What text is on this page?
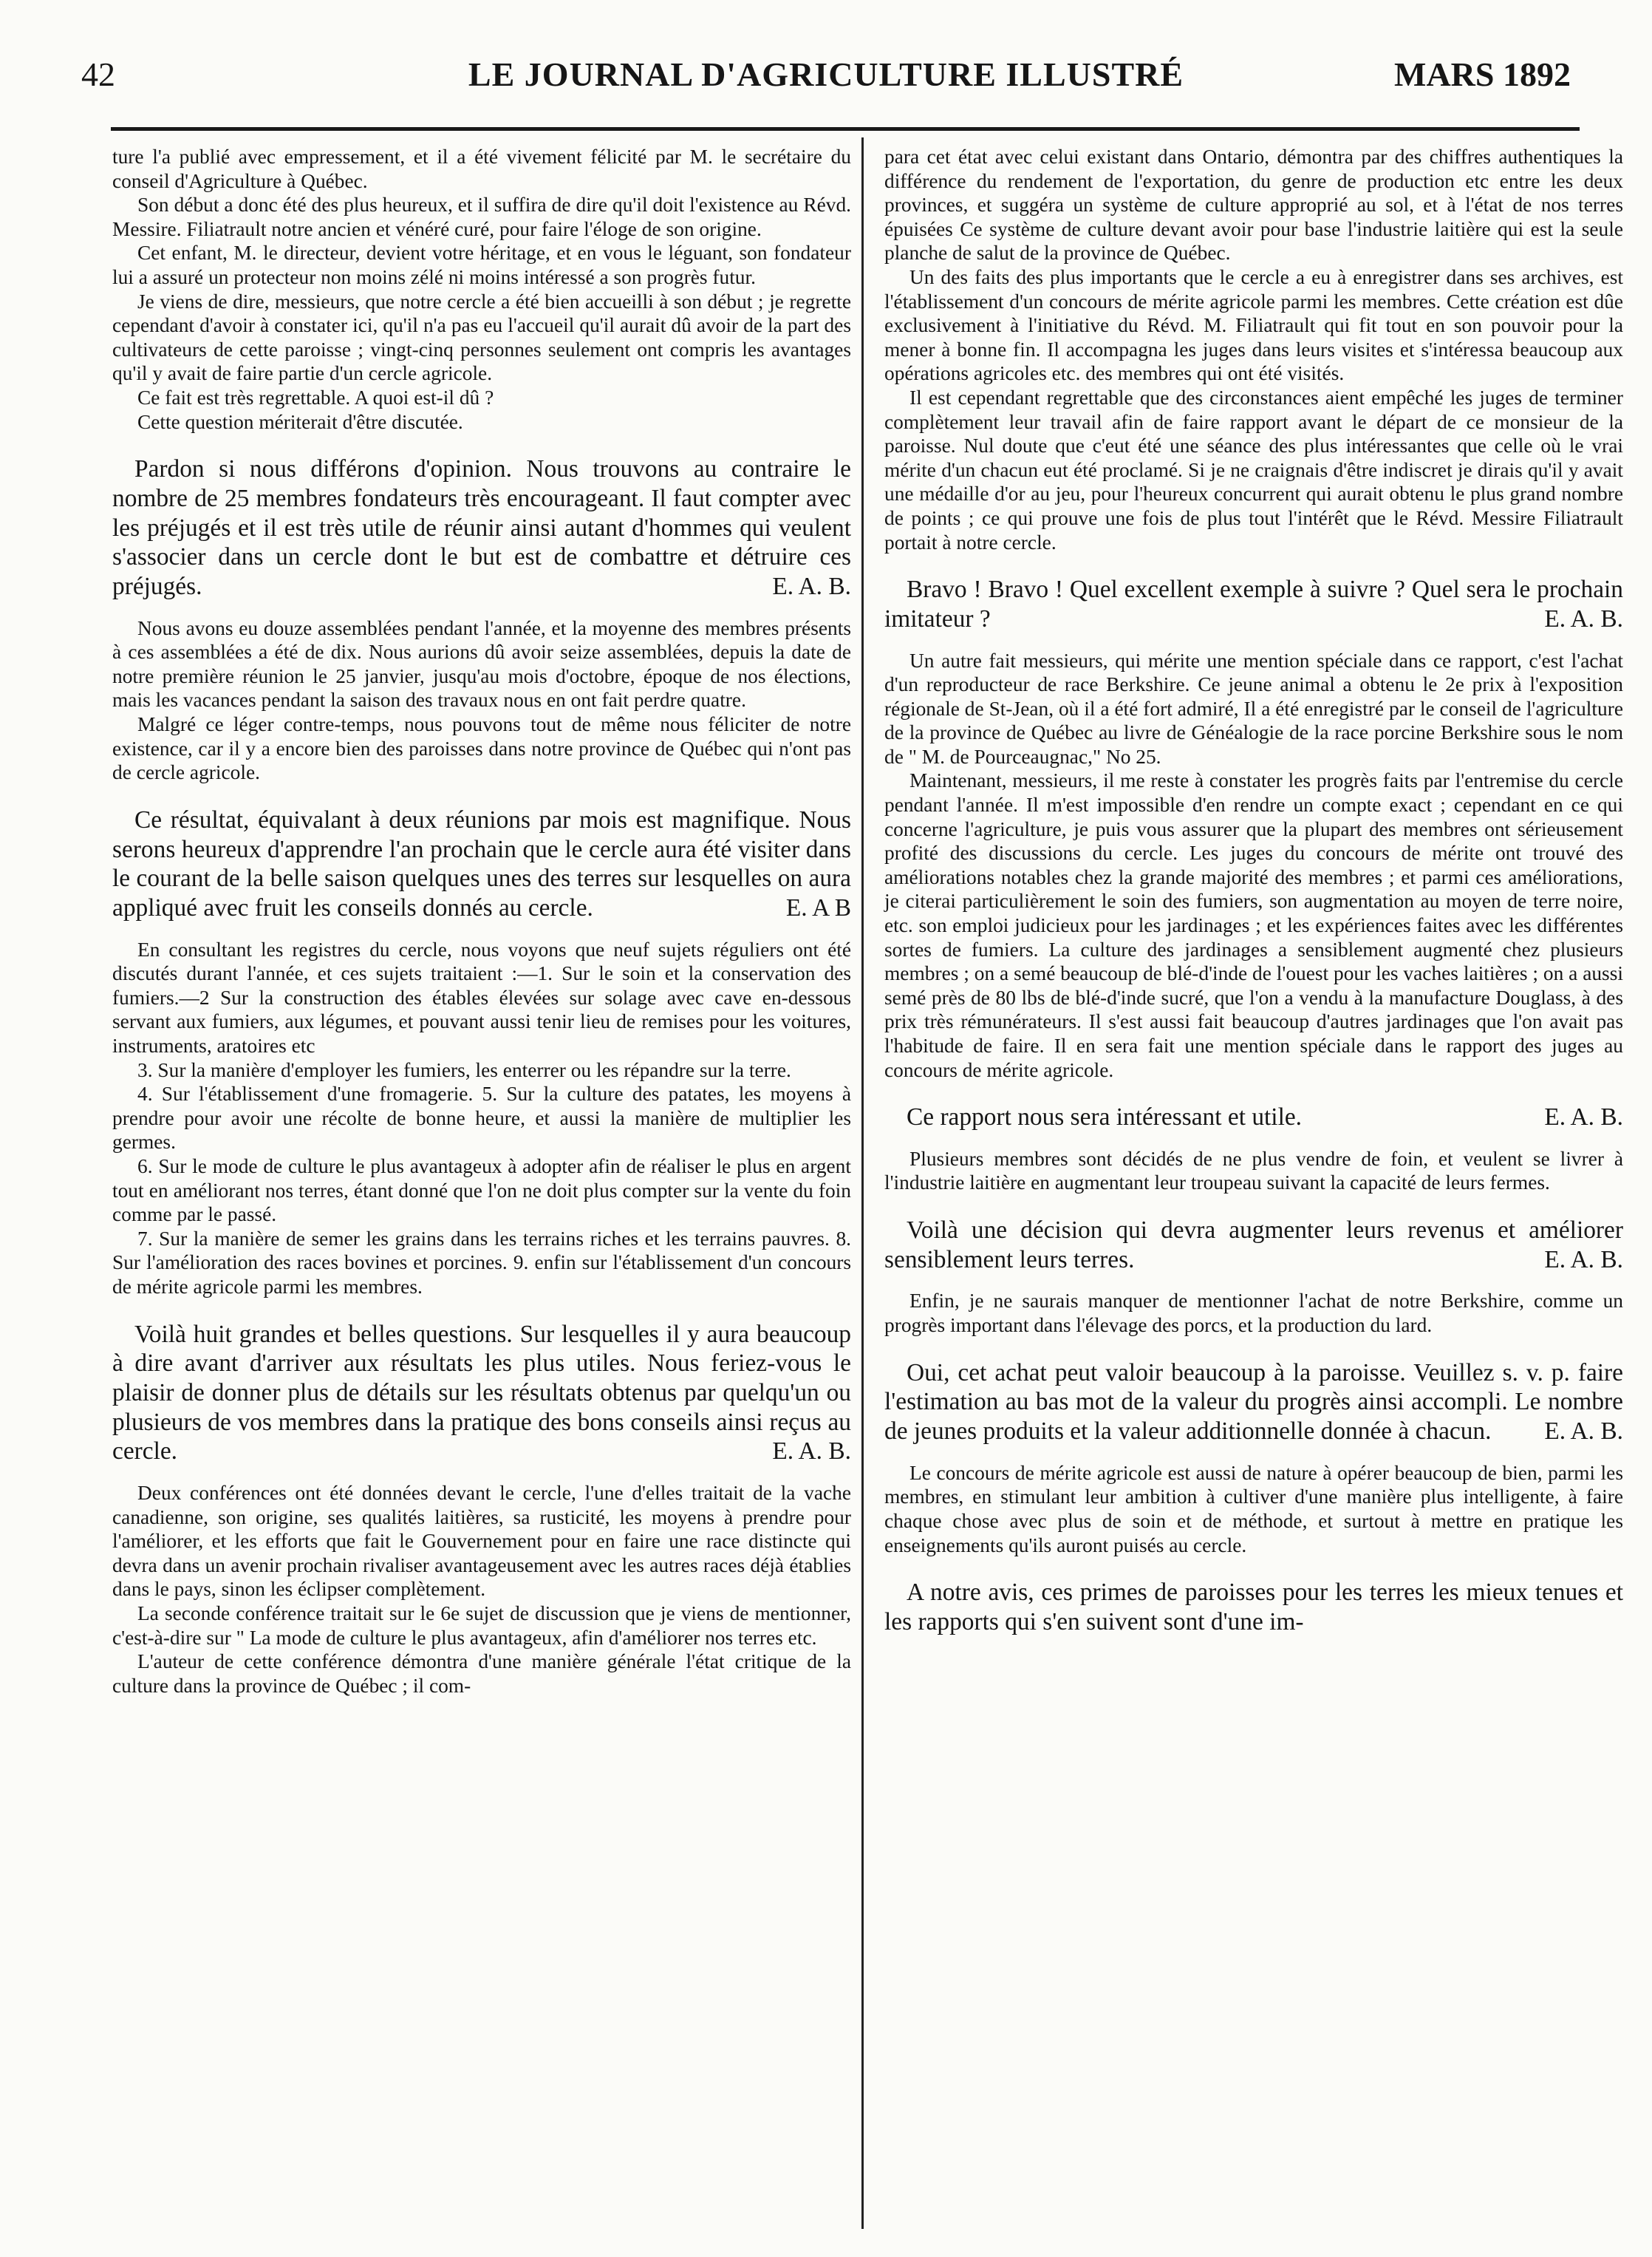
42	LE JOURNAL D'AGRICULTURE ILLUSTRÉ	MARS 1892

ture l'a publié avec empressement, et il a été vivement félicité par M. le secrétaire du conseil d'Agriculture à Québec.

Son début a donc été des plus heureux, et il suffira de dire qu'il doit l'existence au Révd. Messire. Filiatrault notre ancien et vénéré curé, pour faire l'éloge de son origine.

Cet enfant, M. le directeur, devient votre héritage, et en vous le léguant, son fondateur lui a assuré un protecteur non moins zélé ni moins intéressé a son progrès futur.

Je viens de dire, messieurs, que notre cercle a été bien accueilli à son début ; je regrette cependant d'avoir à constater ici, qu'il n'a pas eu l'accueil qu'il aurait dû avoir de la part des cultivateurs de cette paroisse ; vingt-cinq personnes seulement ont compris les avantages qu'il y avait de faire partie d'un cercle agricole.

Ce fait est très regrettable. A quoi est-il dû ?

Cette question mériterait d'être discutée.

Pardon si nous différons d'opinion. Nous trouvons au contraire le nombre de 25 membres fondateurs très encourageant. Il faut compter avec les préjugés et il est très utile de réunir ainsi autant d'hommes qui veulent s'associer dans un cercle dont le but est de combattre et détruire ces préjugés.	E. A. B.

Nous avons eu douze assemblées pendant l'année, et la moyenne des membres présents à ces assemblées a été de dix. Nous aurions dû avoir seize assemblées, depuis la date de notre première réunion le 25 janvier, jusqu'au mois d'octobre, époque de nos élections, mais les vacances pendant la saison des travaux nous en ont fait perdre quatre.

Malgré ce léger contre-temps, nous pouvons tout de même nous féliciter de notre existence, car il y a encore bien des paroisses dans notre province de Québec qui n'ont pas de cercle agricole.

Ce résultat, équivalant à deux réunions par mois est magnifique. Nous serons heureux d'apprendre l'an prochain que le cercle aura été visiter dans le courant de la belle saison quelques unes des terres sur lesquelles on aura appliqué avec fruit les conseils donnés au cercle.	E. A B

En consultant les registres du cercle, nous voyons que neuf sujets réguliers ont été discutés durant l'année, et ces sujets traitaient :—1. Sur le soin et la conservation des fumiers.—2 Sur la construction des étables élevées sur solage avec cave en-dessous servant aux fumiers, aux légumes, et pouvant aussi tenir lieu de remises pour les voitures, instruments, aratoires etc

3. Sur la manière d'employer les fumiers, les enterrer ou les répandre sur la terre.

4. Sur l'établissement d'une fromagerie. 5. Sur la culture des patates, les moyens à prendre pour avoir une récolte de bonne heure, et aussi la manière de multiplier les germes.

6. Sur le mode de culture le plus avantageux à adopter afin de réaliser le plus en argent tout en améliorant nos terres, étant donné que l'on ne doit plus compter sur la vente du foin comme par le passé.

7. Sur la manière de semer les grains dans les terrains riches et les terrains pauvres. 8. Sur l'amélioration des races bovines et porcines. 9. enfin sur l'établissement d'un concours de mérite agricole parmi les membres.

Voilà huit grandes et belles questions. Sur lesquelles il y aura beaucoup à dire avant d'arriver aux résultats les plus utiles. Nous feriez-vous le plaisir de donner plus de détails sur les résultats obtenus par quelqu'un ou plusieurs de vos membres dans la pratique des bons conseils ainsi reçus au cercle.	E. A. B.

Deux conférences ont été données devant le cercle, l'une d'elles traitait de la vache canadienne, son origine, ses qualités laitières, sa rusticité, les moyens à prendre pour l'améliorer, et les efforts que fait le Gouvernement pour en faire une race distincte qui devra dans un avenir prochain rivaliser avantageusement avec les autres races déjà établies dans le pays, sinon les éclipser complètement.

La seconde conférence traitait sur le 6e sujet de discussion que je viens de mentionner, c'est-à-dire sur " La mode de culture le plus avantageux, afin d'améliorer nos terres etc.

L'auteur de cette conférence démontra d'une manière générale l'état critique de la culture dans la province de Québec ; il com-

para cet état avec celui existant dans Ontario, démontra par des chiffres authentiques la différence du rendement de l'exportation, du genre de production etc entre les deux provinces, et suggéra un système de culture approprié au sol, et à l'état de nos terres épuisées Ce système de culture devant avoir pour base l'industrie laitière qui est la seule planche de salut de la province de Québec.

Un des faits des plus importants que le cercle a eu à enregistrer dans ses archives, est l'établissement d'un concours de mérite agricole parmi les membres. Cette création est dûe exclusivement à l'initiative du Révd. M. Filiatrault qui fit tout en son pouvoir pour la mener à bonne fin. Il accompagna les juges dans leurs visites et s'intéressa beaucoup aux opérations agricoles etc. des membres qui ont été visités.

Il est cependant regrettable que des circonstances aient empêché les juges de terminer complètement leur travail afin de faire rapport avant le départ de ce monsieur de la paroisse. Nul doute que c'eut été une séance des plus intéressantes que celle où le vrai mérite d'un chacun eut été proclamé. Si je ne craignais d'être indiscret je dirais qu'il y avait une médaille d'or au jeu, pour l'heureux concurrent qui aurait obtenu le plus grand nombre de points ; ce qui prouve une fois de plus tout l'intérêt que le Révd. Messire Filiatrault portait à notre cercle.

Bravo ! Bravo ! Quel excellent exemple à suivre ? Quel sera le prochain imitateur ?	E. A. B.

Un autre fait messieurs, qui mérite une mention spéciale dans ce rapport, c'est l'achat d'un reproducteur de race Berkshire. Ce jeune animal a obtenu le 2e prix à l'exposition régionale de St-Jean, où il a été fort admiré, Il a été enregistré par le conseil de l'agriculture de la province de Québec au livre de Généalogie de la race porcine Berkshire sous le nom de " M. de Pourceaugnac," No 25.

Maintenant, messieurs, il me reste à constater les progrès faits par l'entremise du cercle pendant l'année. Il m'est impossible d'en rendre un compte exact ; cependant en ce qui concerne l'agriculture, je puis vous assurer que la plupart des membres ont sérieusement profité des discussions du cercle. Les juges du concours de mérite ont trouvé des améliorations notables chez la grande majorité des membres ; et parmi ces améliorations, je citerai particulièrement le soin des fumiers, son augmentation au moyen de terre noire, etc. son emploi judicieux pour les jardinages ; et les expériences faites avec les différentes sortes de fumiers. La culture des jardinages a sensiblement augmenté chez plusieurs membres ; on a semé beaucoup de blé-d'inde de l'ouest pour les vaches laitières ; on a aussi semé près de 80 lbs de blé-d'inde sucré, que l'on a vendu à la manufacture Douglass, à des prix très rémunérateurs. Il s'est aussi fait beaucoup d'autres jardinages que l'on avait pas l'habitude de faire. Il en sera fait une mention spéciale dans le rapport des juges au concours de mérite agricole.

Ce rapport nous sera intéressant et utile.	E. A. B.

Plusieurs membres sont décidés de ne plus vendre de foin, et veulent se livrer à l'industrie laitière en augmentant leur troupeau suivant la capacité de leurs fermes.

Voilà une décision qui devra augmenter leurs revenus et améliorer sensiblement leurs terres.	E. A. B.

Enfin, je ne saurais manquer de mentionner l'achat de notre Berkshire, comme un progrès important dans l'élevage des porcs, et la production du lard.

Oui, cet achat peut valoir beaucoup à la paroisse. Veuillez s. v. p. faire l'estimation au bas mot de la valeur du progrès ainsi accompli. Le nombre de jeunes produits et la valeur additionnelle donnée à chacun.	E. A. B.

Le concours de mérite agricole est aussi de nature à opérer beaucoup de bien, parmi les membres, en stimulant leur ambition à cultiver d'une manière plus intelligente, à faire chaque chose avec plus de soin et de méthode, et surtout à mettre en pratique les enseignements qu'ils auront puisés au cercle.

A notre avis, ces primes de paroisses pour les terres les mieux tenues et les rapports qui s'en suivent sont d'une im-
